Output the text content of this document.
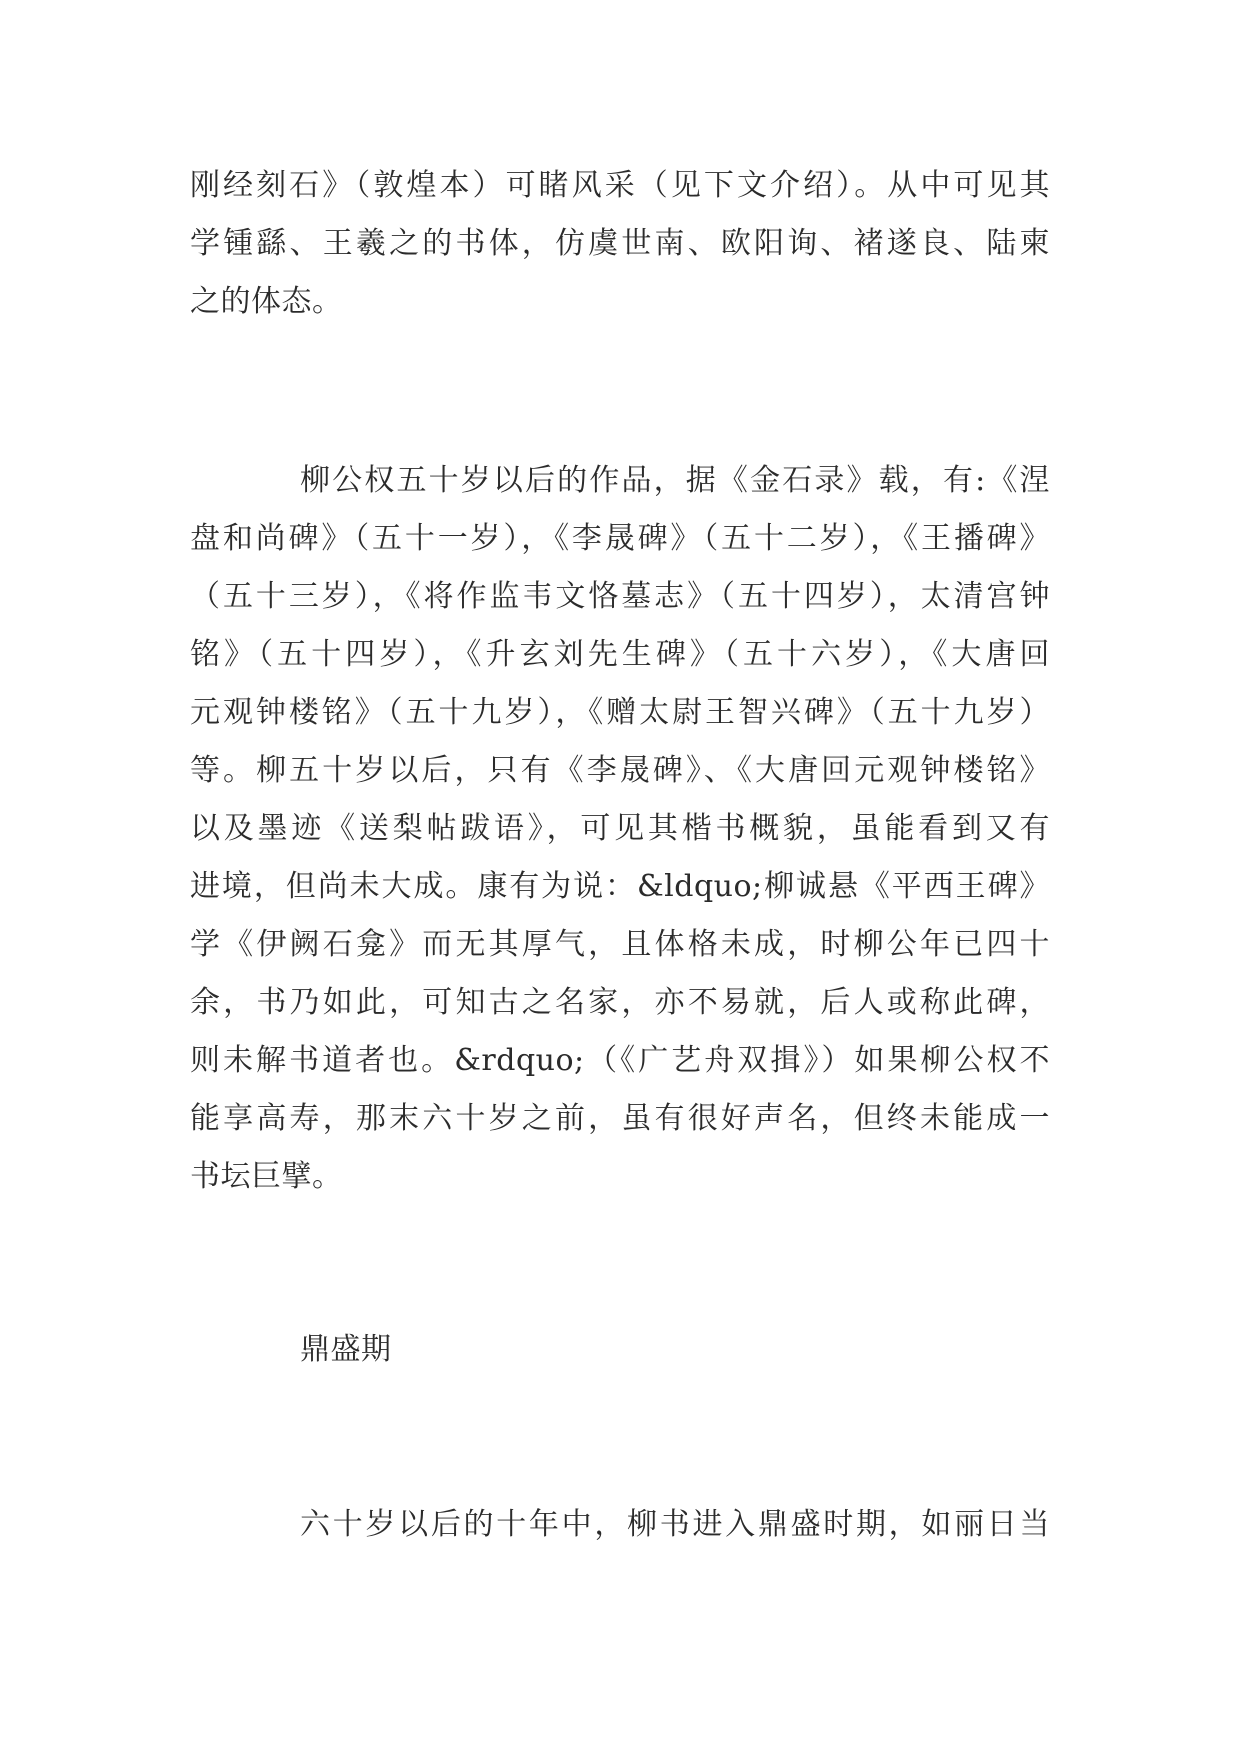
刚经刻石》（敦煌本）可睹风采（见下文介绍）。从中可见其
学锺繇、王羲之的书体，仿虞世南、欧阳询、褚遂良、陆柬
之的体态。
柳公权五十岁以后的作品，据《金石录》载，有:《涅
盘和尚碑》（五十一岁），《李晟碑》（五十二岁），《王播碑》
（五十三岁），《将作监韦文恪墓志》（五十四岁），太清宫钟
铭》（五十四岁），《升玄刘先生碑》（五十六岁），《大唐回
元观钟楼铭》（五十九岁），《赠太尉王智兴碑》（五十九岁）
等。柳五十岁以后，只有《李晟碑》、《大唐回元观钟楼铭》
以及墨迹《送梨帖跋语》，可见其楷书概貌，虽能看到又有
进境，但尚未大成。康有为说：&ldquo;柳诚悬《平西王碑》
学《伊阙石龛》而无其厚气，且体格未成，时柳公年已四十
余，书乃如此，可知古之名家，亦不易就，后人或称此碑，
则未解书道者也。&rdquo;（《广艺舟双揖》）如果柳公权不
能享高寿，那末六十岁之前，虽有很好声名，但终未能成一
书坛巨擘。
鼎盛期
六十岁以后的十年中，柳书进入鼎盛时期，如丽日当
